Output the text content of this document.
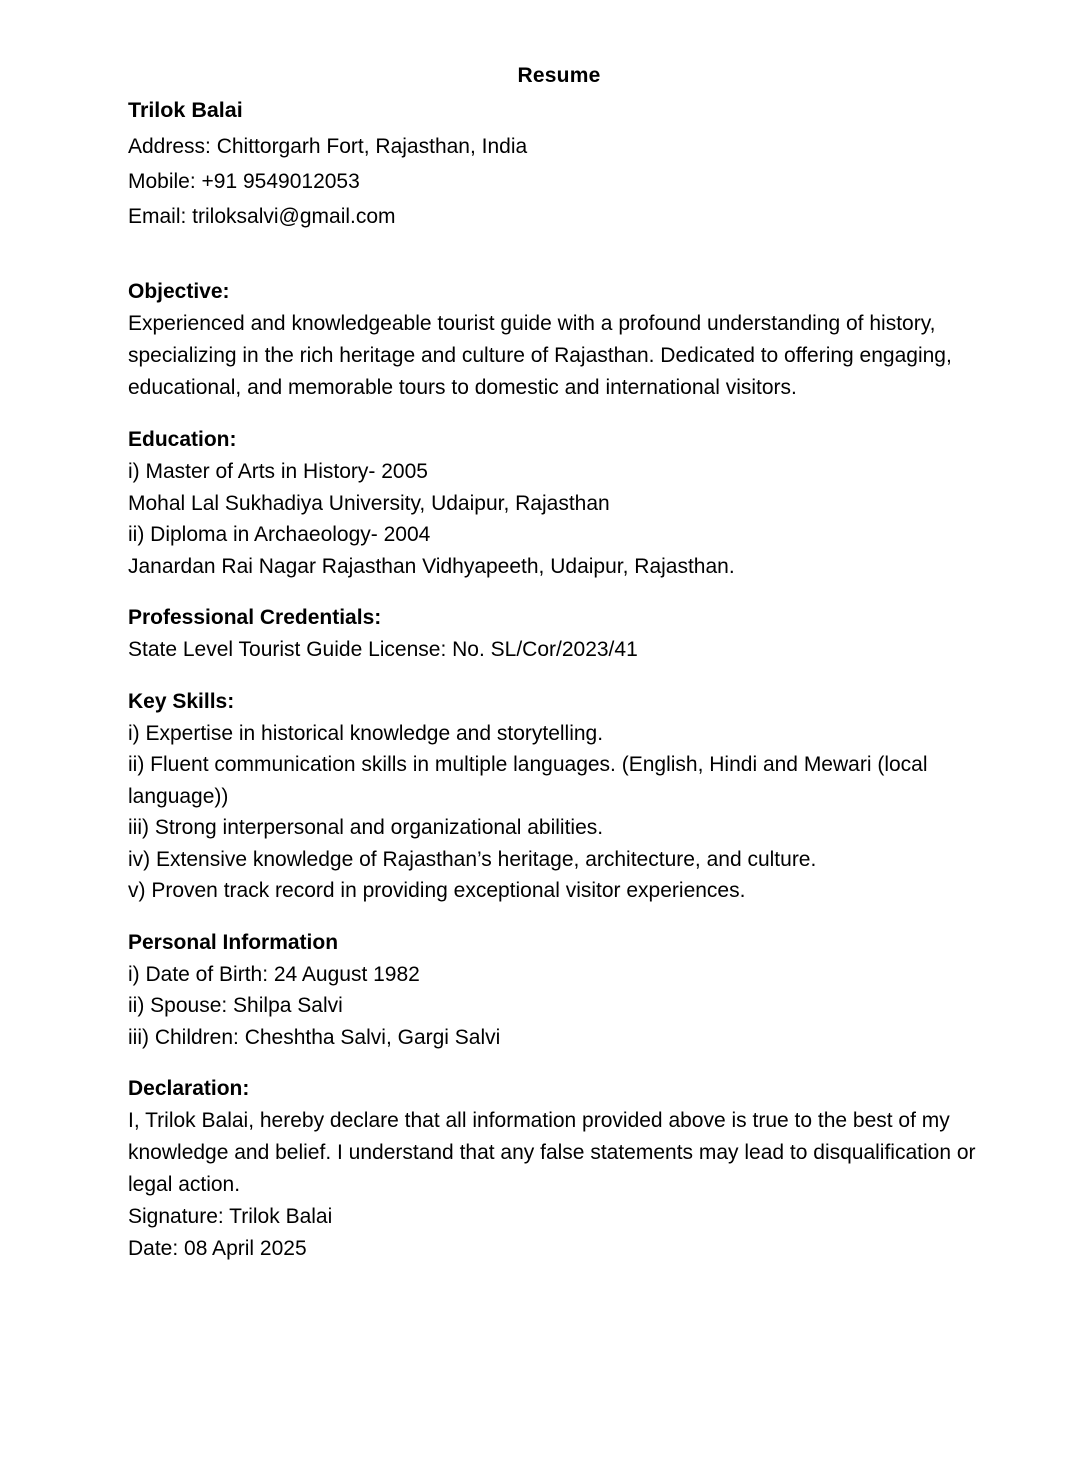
Resume
Trilok Balai

Address: Chittorgarh Fort, Rajasthan, India

Mobile: +91 9549012053

Email: triloksalvi@gmail.com

Objective:

Experienced and knowledgeable tourist guide with a profound understanding of history, specializing in the rich heritage and culture of Rajasthan. Dedicated to offering engaging, educational, and memorable tours to domestic and international visitors.

Education:

i) Master of Arts in History- 2005

Mohal Lal Sukhadiya University, Udaipur, Rajasthan

ii) Diploma in Archaeology- 2004

Janardan Rai Nagar Rajasthan Vidhyapeeth, Udaipur, Rajasthan.

Professional Credentials:

State Level Tourist Guide License: No. SL/Cor/2023/41

Key Skills:

i) Expertise in historical knowledge and storytelling.

ii) Fluent communication skills in multiple languages. (English, Hindi and Mewari (local language))

iii) Strong interpersonal and organizational abilities.

iv) Extensive knowledge of Rajasthan’s heritage, architecture, and culture.

v) Proven track record in providing exceptional visitor experiences.

Personal Information

i) Date of Birth: 24 August 1982

ii) Spouse: Shilpa Salvi

iii) Children: Cheshtha Salvi, Gargi Salvi

Declaration:

I, Trilok Balai, hereby declare that all information provided above is true to the best of my knowledge and belief. I understand that any false statements may lead to disqualification or legal action.

Signature: Trilok Balai

Date: 08 April 2025
